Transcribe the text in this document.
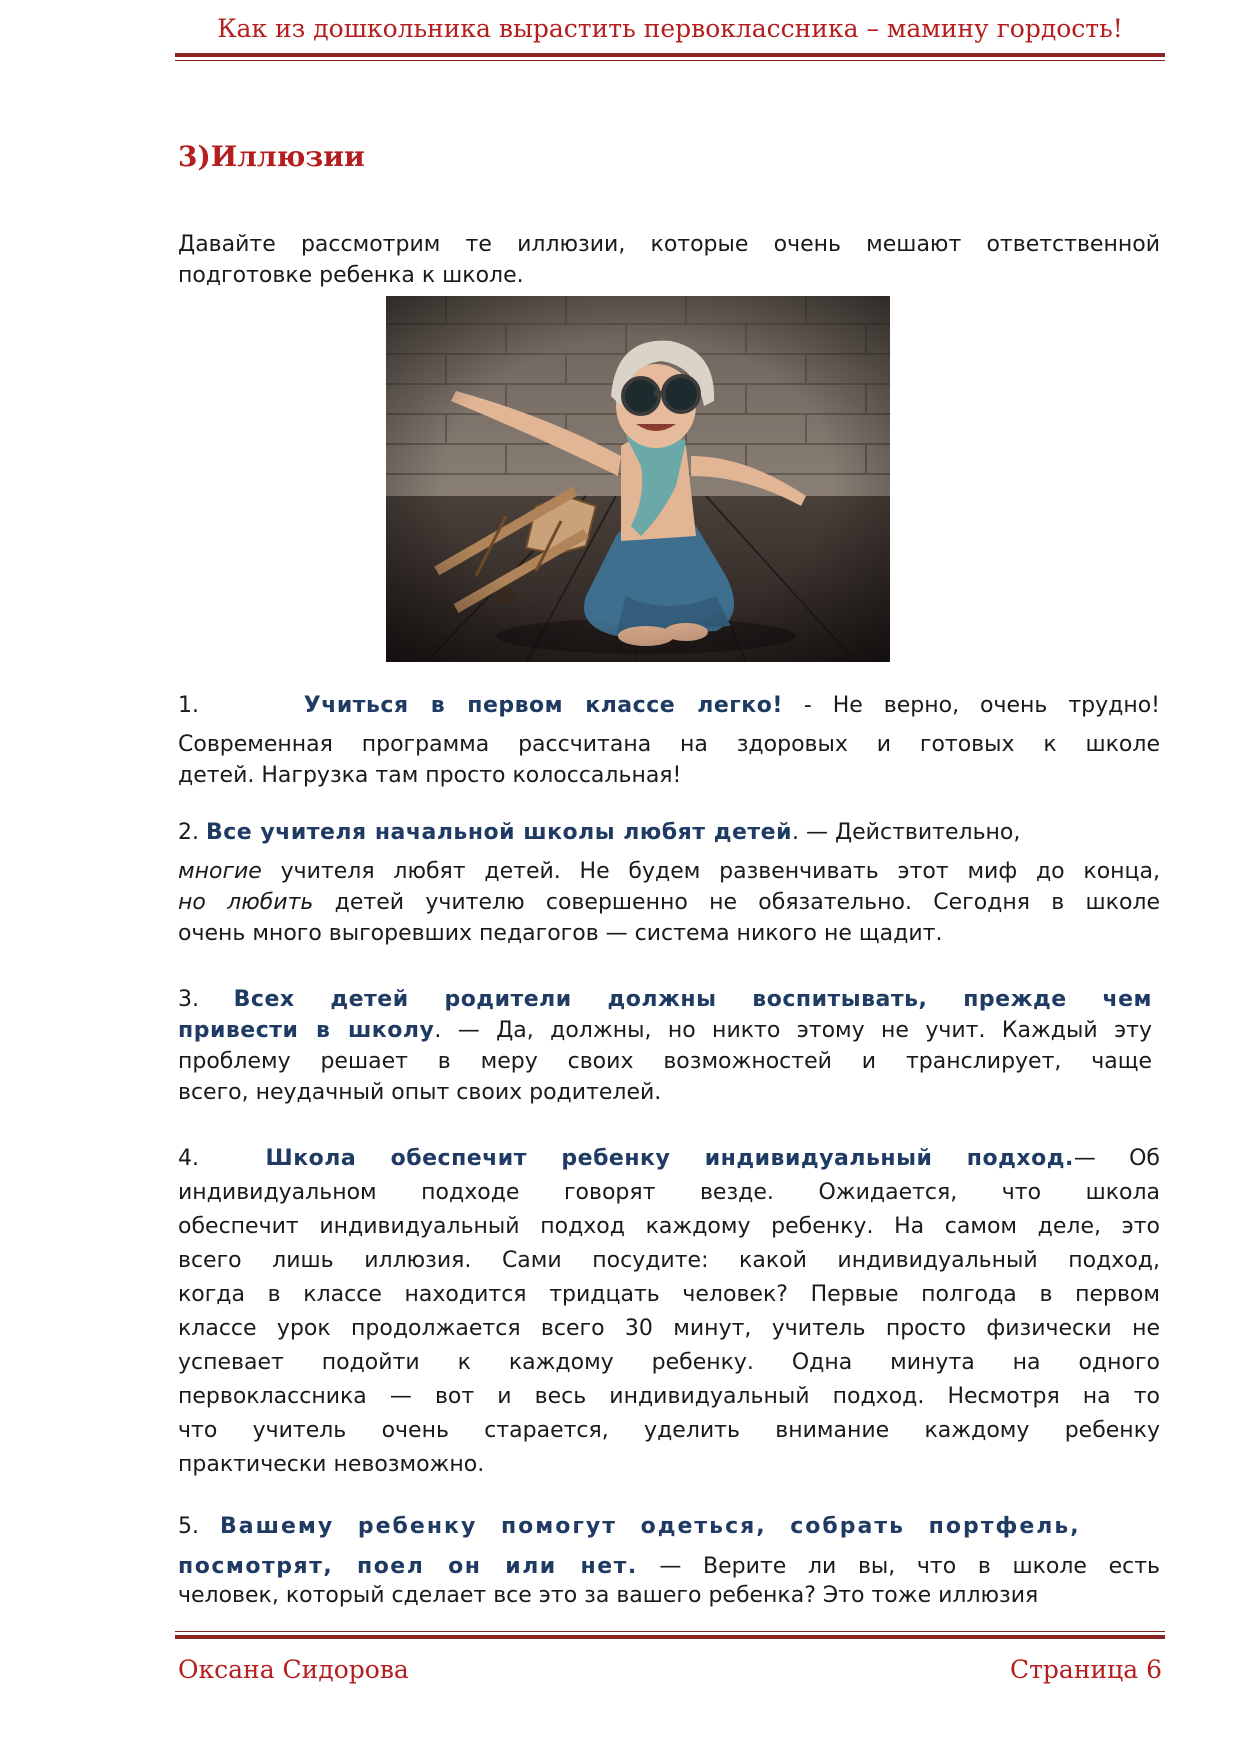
Как из дошкольника вырастить первоклассника – мамину гордость!
3)Иллюзии

Давайте рассмотрим те иллюзии, которые очень мешают ответственной

подготовке ребенка к школе.

1.	Учиться в первом классе легко! - Не верно, очень трудно!

Современная программа рассчитана на здоровых и готовых к школе

детей. Нагрузка там просто колоссальная!

2. Все учителя начальной школы любят детей. — Действительно,

многие учителя любят детей. Не будем развенчивать этот миф до конца,

но любить детей учителю совершенно не обязательно. Сегодня в школе

очень много выгоревших педагогов — система никого не щадит.

3. Всех детей родители должны воспитывать, прежде чем

привести в школу. — Да, должны, но никто этому не учит. Каждый эту

проблему решает в меру своих возможностей и транслирует, чаще

всего, неудачный опыт своих родителей.

4.	Школа обеспечит ребенку индивидуальный подход.— Об

индивидуальном подходе говорят везде. Ожидается, что школа

обеспечит индивидуальный подход каждому ребенку. На самом деле, это

всего лишь иллюзия. Сами посудите: какой индивидуальный подход,

когда в классе находится тридцать человек? Первые полгода в первом

классе урок продолжается всего 30 минут, учитель просто физически не

успевает подойти к каждому ребенку. Одна минута на одного

первоклассника — вот и весь индивидуальный подход. Несмотря на то

что учитель очень старается, уделить внимание каждому ребенку

практически невозможно.

5. Вашему ребенку помогут одеться, собрать портфель,

посмотрят, поел он или нет. — Верите ли вы, что в школе есть

человек, который сделает все это за вашего ребенка? Это тоже иллюзия

Оксана Сидорова	Страница 6
